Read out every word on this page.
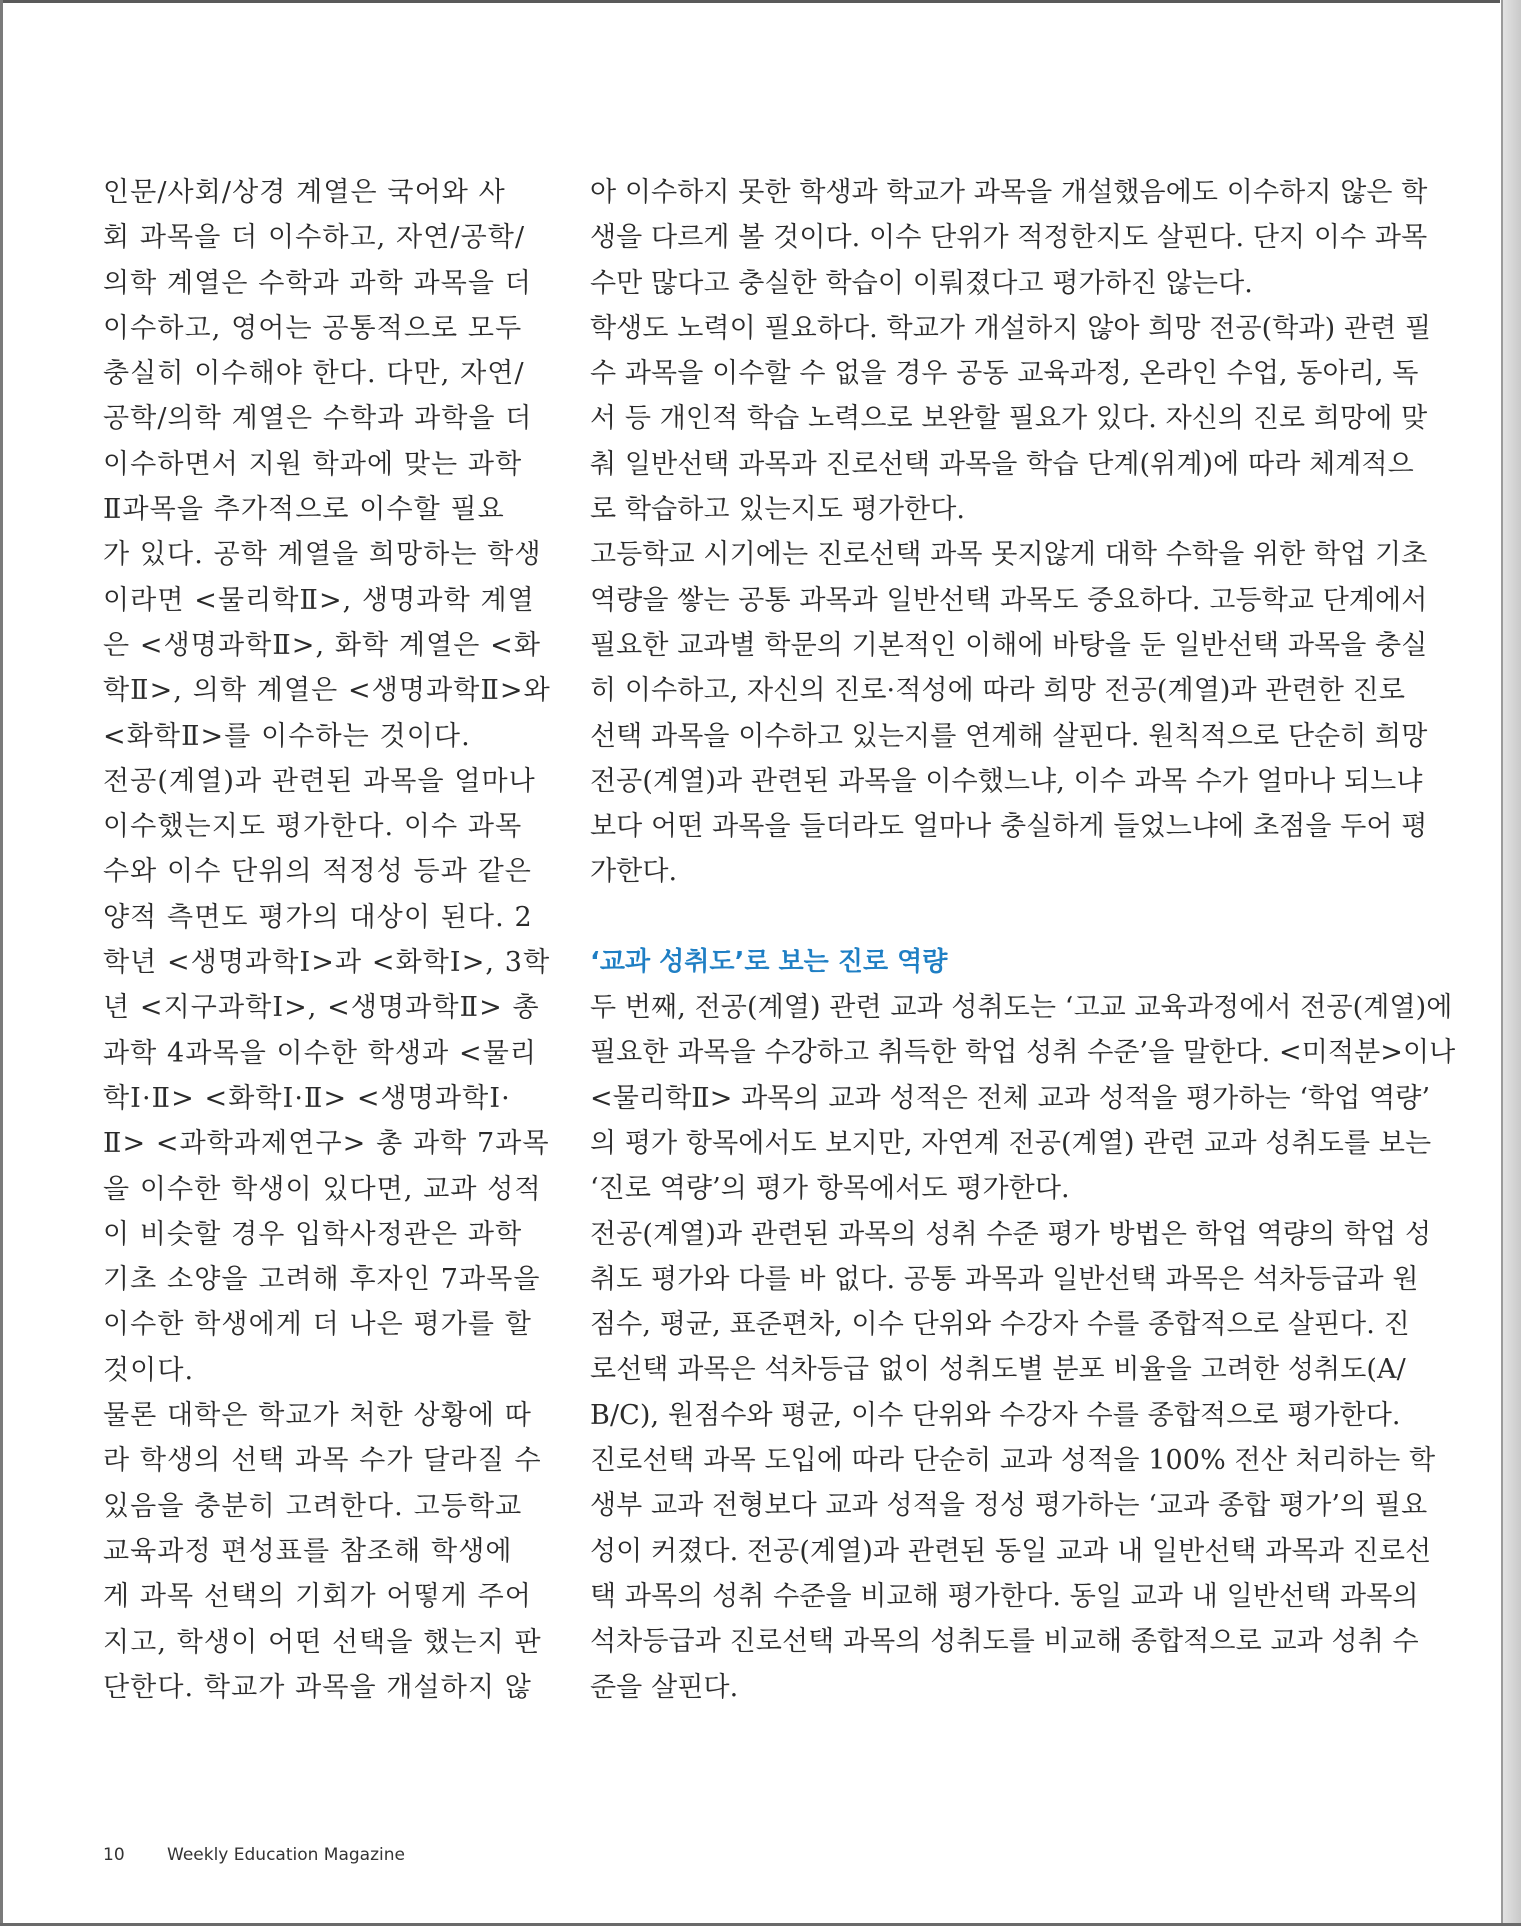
인문/사회/상경 계열은 국어와 사
회 과목을 더 이수하고, 자연/공학/
의학 계열은 수학과 과학 과목을 더
이수하고, 영어는 공통적으로 모두
충실히 이수해야 한다. 다만, 자연/
공학/의학 계열은 수학과 과학을 더
이수하면서 지원 학과에 맞는 과학
Ⅱ과목을 추가적으로 이수할 필요
가 있다. 공학 계열을 희망하는 학생
이라면 <물리학Ⅱ>, 생명과학 계열
은 <생명과학Ⅱ>, 화학 계열은 <화
학Ⅱ>, 의학 계열은 <생명과학Ⅱ>와
<화학Ⅱ>를 이수하는 것이다.
전공(계열)과 관련된 과목을 얼마나
이수했는지도 평가한다. 이수 과목
수와 이수 단위의 적정성 등과 같은
양적 측면도 평가의 대상이 된다. 2
학년 <생명과학Ⅰ>과 <화학Ⅰ>, 3학
년 <지구과학Ⅰ>, <생명과학Ⅱ> 총
과학 4과목을 이수한 학생과 <물리
학Ⅰ·Ⅱ> <화학Ⅰ·Ⅱ> <생명과학Ⅰ·
Ⅱ> <과학과제연구> 총 과학 7과목
을 이수한 학생이 있다면, 교과 성적
이 비슷할 경우 입학사정관은 과학
기초 소양을 고려해 후자인 7과목을
이수한 학생에게 더 나은 평가를 할
것이다.
물론 대학은 학교가 처한 상황에 따
라 학생의 선택 과목 수가 달라질 수
있음을 충분히 고려한다. 고등학교
교육과정 편성표를 참조해 학생에
게 과목 선택의 기회가 어떻게 주어
지고, 학생이 어떤 선택을 했는지 판
단한다. 학교가 과목을 개설하지 않
아 이수하지 못한 학생과 학교가 과목을 개설했음에도 이수하지 않은 학
생을 다르게 볼 것이다. 이수 단위가 적정한지도 살핀다. 단지 이수 과목
수만 많다고 충실한 학습이 이뤄졌다고 평가하진 않는다.
학생도 노력이 필요하다. 학교가 개설하지 않아 희망 전공(학과) 관련 필
수 과목을 이수할 수 없을 경우 공동 교육과정, 온라인 수업, 동아리, 독
서 등 개인적 학습 노력으로 보완할 필요가 있다. 자신의 진로 희망에 맞
춰 일반선택 과목과 진로선택 과목을 학습 단계(위계)에 따라 체계적으
로 학습하고 있는지도 평가한다.
고등학교 시기에는 진로선택 과목 못지않게 대학 수학을 위한 학업 기초
역량을 쌓는 공통 과목과 일반선택 과목도 중요하다. 고등학교 단계에서
필요한 교과별 학문의 기본적인 이해에 바탕을 둔 일반선택 과목을 충실
히 이수하고, 자신의 진로·적성에 따라 희망 전공(계열)과 관련한 진로
선택 과목을 이수하고 있는지를 연계해 살핀다. 원칙적으로 단순히 희망
전공(계열)과 관련된 과목을 이수했느냐, 이수 과목 수가 얼마나 되느냐
보다 어떤 과목을 들더라도 얼마나 충실하게 들었느냐에 초점을 두어 평
가한다.
‘교과 성취도’로 보는 진로 역량
두 번째, 전공(계열) 관련 교과 성취도는 ‘고교 교육과정에서 전공(계열)에
필요한 과목을 수강하고 취득한 학업 성취 수준’을 말한다. <미적분>이나
<물리학Ⅱ> 과목의 교과 성적은 전체 교과 성적을 평가하는 ‘학업 역량’
의 평가 항목에서도 보지만, 자연계 전공(계열) 관련 교과 성취도를 보는
‘진로 역량’의 평가 항목에서도 평가한다.
전공(계열)과 관련된 과목의 성취 수준 평가 방법은 학업 역량의 학업 성
취도 평가와 다를 바 없다. 공통 과목과 일반선택 과목은 석차등급과 원
점수, 평균, 표준편차, 이수 단위와 수강자 수를 종합적으로 살핀다. 진
로선택 과목은 석차등급 없이 성취도별 분포 비율을 고려한 성취도(A/
B/C), 원점수와 평균, 이수 단위와 수강자 수를 종합적으로 평가한다.
진로선택 과목 도입에 따라 단순히 교과 성적을 100% 전산 처리하는 학
생부 교과 전형보다 교과 성적을 정성 평가하는 ‘교과 종합 평가’의 필요
성이 커졌다. 전공(계열)과 관련된 동일 교과 내 일반선택 과목과 진로선
택 과목의 성취 수준을 비교해 평가한다. 동일 교과 내 일반선택 과목의
석차등급과 진로선택 과목의 성취도를 비교해 종합적으로 교과 성취 수
준을 살핀다.
10 Weekly Education Magazine
